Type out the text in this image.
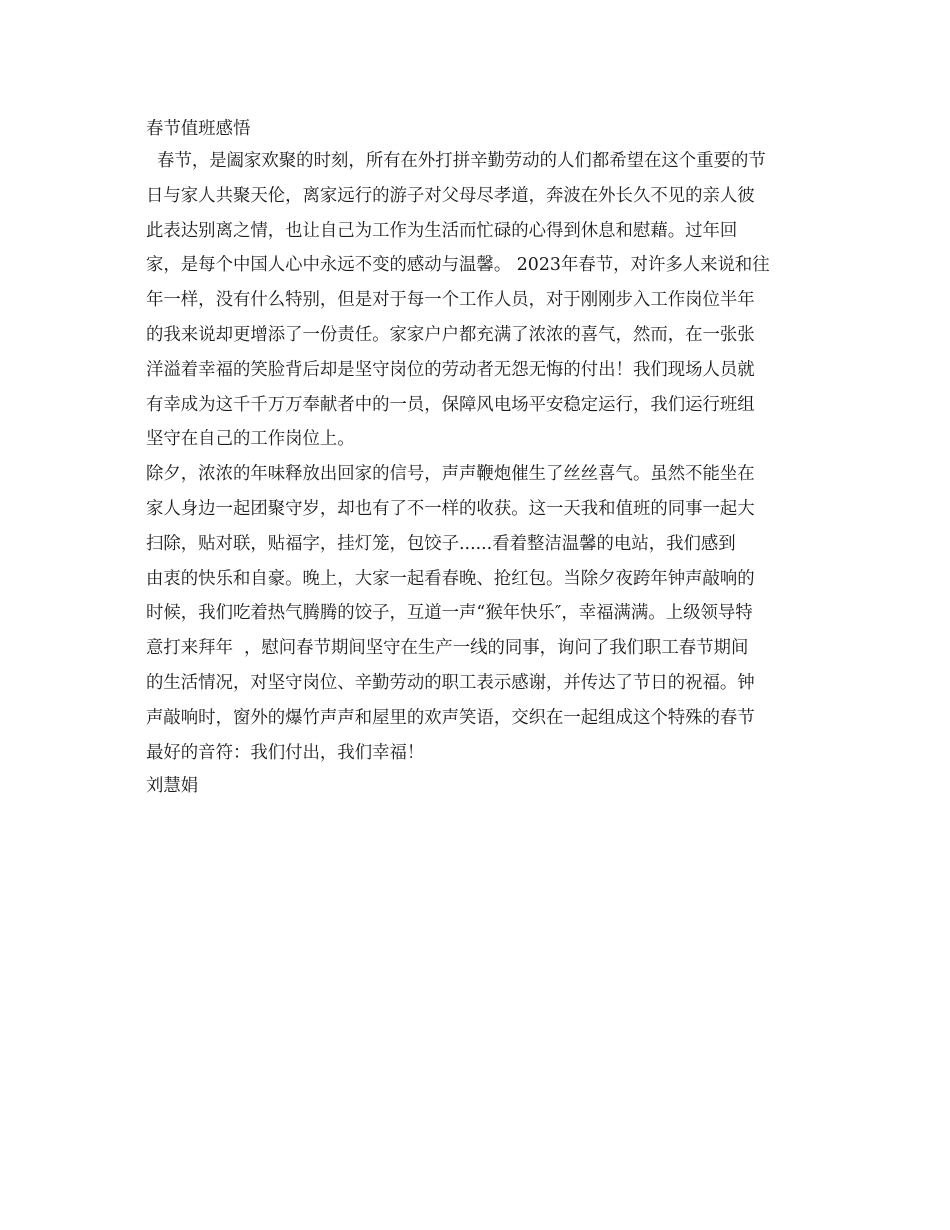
春节值班感悟
春节，是阖家欢聚的时刻，所有在外打拼辛勤劳动的人们都希望在这个重要的节
日与家人共聚天伦，离家远行的游子对父母尽孝道，奔波在外长久不见的亲人彼
此表达别离之情，也让自己为工作为生活而忙碌的心得到休息和慰藉。过年回
家，是每个中国人心中永远不变的感动与温馨。 2023年春节，对许多人来说和往
年一样，没有什么特别，但是对于每一个工作人员，对于刚刚步入工作岗位半年
的我来说却更增添了一份责任。家家户户都充满了浓浓的喜气，然而，在一张张
洋溢着幸福的笑脸背后却是坚守岗位的劳动者无怨无悔的付出！我们现场人员就
有幸成为这千千万万奉献者中的一员，保障风电场平安稳定运行，我们运行班组
坚守在自己的工作岗位上。
除夕，浓浓的年味释放出回家的信号，声声鞭炮催生了丝丝喜气。虽然不能坐在
家人身边一起团聚守岁，却也有了不一样的收获。这一天我和值班的同事一起大
扫除，贴对联，贴福字，挂灯笼，包饺子......看着整洁温馨的电站，我们感到
由衷的快乐和自豪。晚上，大家一起看春晚、抢红包。当除夕夜跨年钟声敲响的
时候，我们吃着热气腾腾的饺子，互道一声“猴年快乐″，幸福满满。上级领导特
意打来拜年  ，慰问春节期间坚守在生产一线的同事，询问了我们职工春节期间
的生活情况，对坚守岗位、辛勤劳动的职工表示感谢，并传达了节日的祝福。钟
声敲响时，窗外的爆竹声声和屋里的欢声笑语，交织在一起组成这个特殊的春节
最好的音符：我们付出，我们幸福！
刘慧娟
